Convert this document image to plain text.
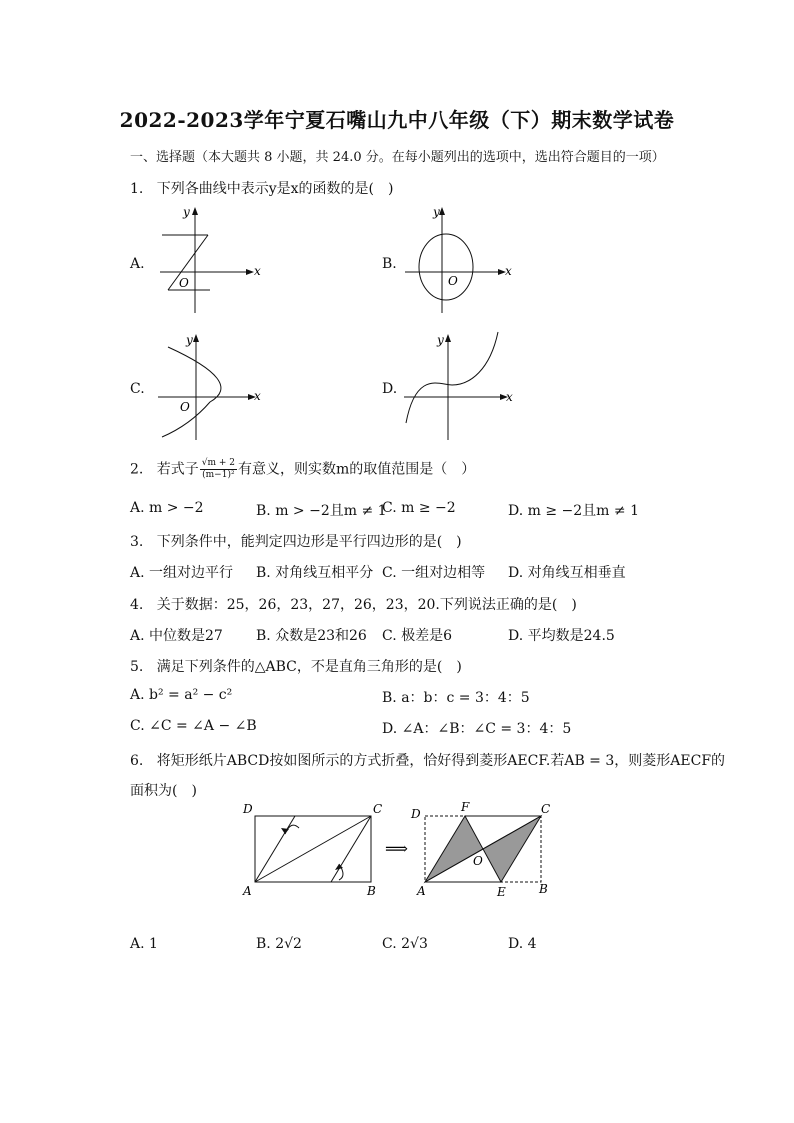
2022-2023学年宁夏石嘴山九中八年级（下）期末数学试卷
一、选择题（本大题共 8 小题，共 24.0 分。在每小题列出的选项中，选出符合题目的一项）
1. 下列各曲线中表示y是x的函数的是(　)
A.
y
x
O
B.
y
x
O
C.
y
x
O
D.
y
x
2. 若式子 $\frac{√m + 2}{\text{(m−1)²}}$ 有意义，则实数m的取值范围是（　）
A. m > −2	B. m > −2且m ≠ 1
C. m ≥ −2	D. m ≥ −2且m ≠ 1
3. 下列条件中，能判定四边形是平行四边形的是(　)
A. 一组对边平行 B. 对角线互相平分 C. 一组对边相等 D. 对角线互相垂直
4. 关于数据：25，26，23，27，26，23，20.下列说法正确的是(　)
A. 中位数是27 B. 众数是23和26 C. 极差是6	D. 平均数是24.5
5. 满足下列条件的△ABC，不是直角三角形的是(　)
A. b² = a² − c²	B. a：b：c = 3：4：5
C. ∠C = ∠A − ∠B	D. ∠A：∠B：∠C = 3：4：5
6. 将矩形纸片ABCD按如图所示的方式折叠，恰好得到菱形AECF.若AB = 3，则菱形AECF的
面积为(　)
D	C
A	B
⟹
D	F	C
O
A	E	B
A. 1	B. 2√2	C. 2√3	D. 4
